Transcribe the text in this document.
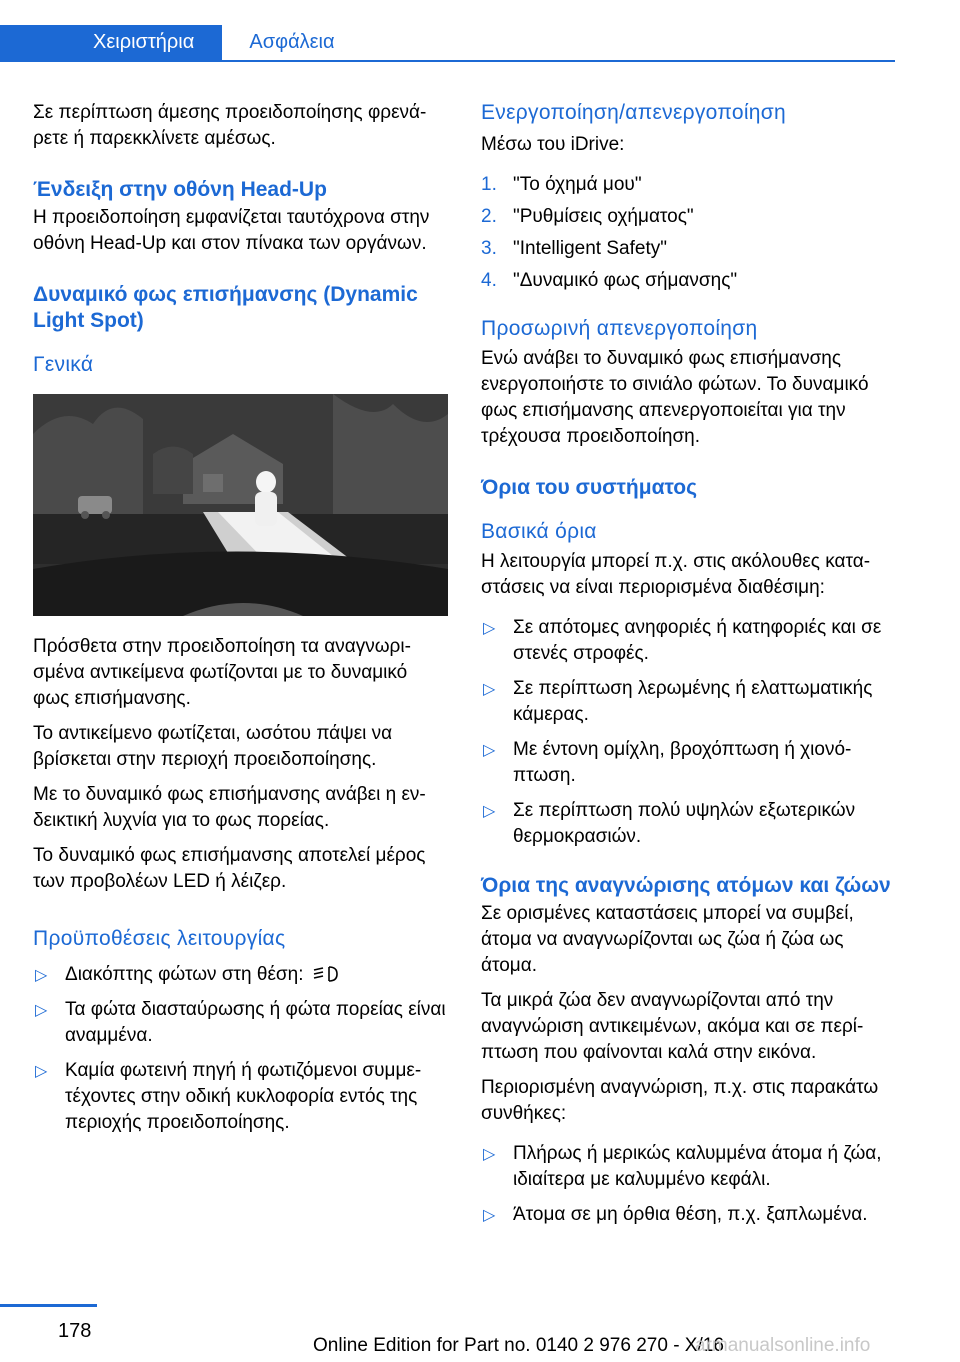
Χειριστήρια	Ασφάλεια

Σε περίπτωση άμεσης προειδοποίησης φρενάρετε ή παρεκκλίνετε αμέσως.

Ένδειξη στην οθόνη Head-Up

Η προειδοποίηση εμφανίζεται ταυτόχρονα στην οθόνη Head-Up και στον πίνακα των οργάνων.

Δυναμικό φως επισήμανσης (Dynamic Light Spot)
Γενικά

Πρόσθετα στην προειδοποίηση τα αναγνωρισμένα αντικείμενα φωτίζονται με το δυναμικό φως επισήμανσης.

Το αντικείμενο φωτίζεται, ωσότου πάψει να βρίσκεται στην περιοχή προειδοποίησης.

Με το δυναμικό φως επισήμανσης ανάβει η ενδεικτική λυχνία για το φως πορείας.

Το δυναμικό φως επισήμανσης αποτελεί μέρος των προβολέων LED ή λέιζερ.

Προϋποθέσεις λειτουργίας
▷ Διακόπτης φώτων στη θέση:
▷ Τα φώτα διασταύρωσης ή φώτα πορείας είναι αναμμένα.
▷ Καμία φωτεινή πηγή ή φωτιζόμενοι συμμετέχοντες στην οδική κυκλοφορία εντός της περιοχής προειδοποίησης.
Ενεργοποίηση/απενεργοποίηση

Μέσω του iDrive:

1. "Το όχημά μου"
2. "Ρυθμίσεις οχήματος"
3. "Intelligent Safety"
4. "Δυναμικό φως σήμανσης"
Προσωρινή απενεργοποίηση

Ενώ ανάβει το δυναμικό φως επισήμανσης ενεργοποιήστε το σινιάλο φώτων. Το δυναμικό φως επισήμανσης απενεργοποιείται για την τρέχουσα προειδοποίηση.

Όρια του συστήματος
Βασικά όρια

Η λειτουργία μπορεί π.χ. στις ακόλουθες καταστάσεις να είναι περιορισμένα διαθέσιμη:

▷ Σε απότομες ανηφοριές ή κατηφοριές και σε στενές στροφές.
▷ Σε περίπτωση λερωμένης ή ελαττωματικής κάμερας.
▷ Με έντονη ομίχλη, βροχόπτωση ή χιονόπτωση.
▷ Σε περίπτωση πολύ υψηλών εξωτερικών θερμοκρασιών.
Όρια της αναγνώρισης ατόμων και ζώων

Σε ορισμένες καταστάσεις μπορεί να συμβεί, άτομα να αναγνωρίζονται ως ζώα ή ζώα ως άτομα.

Τα μικρά ζώα δεν αναγνωρίζονται από την αναγνώριση αντικειμένων, ακόμα και σε περίπτωση που φαίνονται καλά στην εικόνα.

Περιορισμένη αναγνώριση, π.χ. στις παρακάτω συνθήκες:

▷ Πλήρως ή μερικώς καλυμμένα άτομα ή ζώα, ιδιαίτερα με καλυμμένο κεφάλι.
▷ Άτομα σε μη όρθια θέση, π.χ. ξαπλωμένα.
178
Online Edition for Part no. 0140 2 976 270 - X/16
armanualsonline.info
